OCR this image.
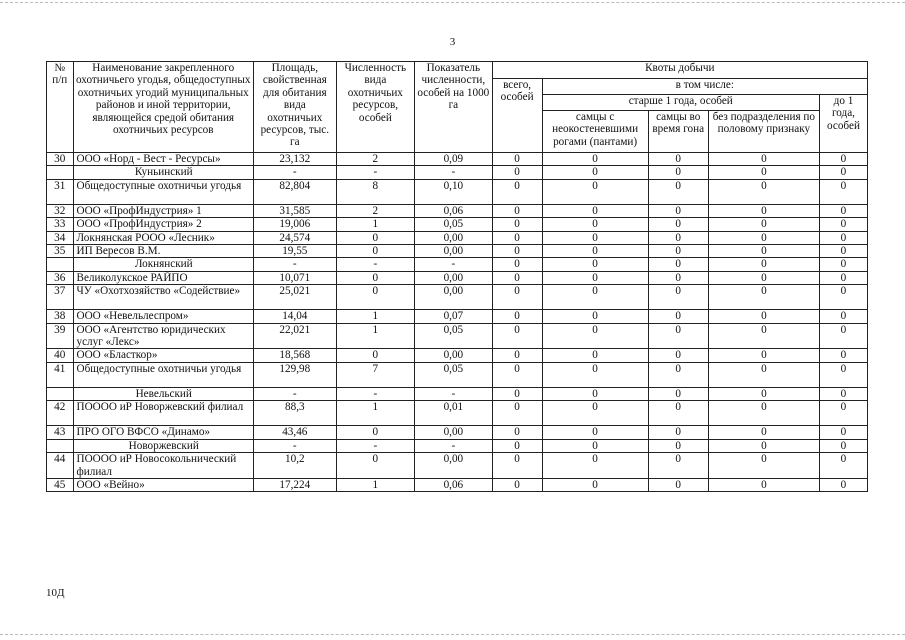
3
№ п/п	Наименование закрепленного охотничьего угодья, общедоступных охотничьих угодий муниципальных районов и иной территории, являющейся средой обитания охотничьих ресурсов	Площадь, свойственная для обитания вида охотничьих ресурсов, тыс. га	Численность вида охотничьих ресурсов, особей	Показатель численности, особей на 1000 га	Квоты добычи				
					всего, особей	в том числе:			
						старше 1 года, особей			до 1 года, особей
						самцы с неокостеневшими рогами (пантами)	самцы во время гона	без подразделения по половому признаку	
30	ООО «Норд - Вест - Ресурсы»	23,132	2	0,09	0	0	0	0	0
	Куньинский	-	-	-	0	0	0	0	0
31	Общедоступные охотничьи угодья	82,804	8	0,10	0	0	0	0	0
32	ООО «ПрофИндустрия» 1	31,585	2	0,06	0	0	0	0	0
33	ООО «ПрофИндустрия» 2	19,006	1	0,05	0	0	0	0	0
34	Локнянская РООО «Лесник»	24,574	0	0,00	0	0	0	0	0
35	ИП Вересов В.М.	19,55	0	0,00	0	0	0	0	0
	Локнянский	-	-	-	0	0	0	0	0
36	Великолукское РАЙПО	10,071	0	0,00	0	0	0	0	0
37	ЧУ «Охотхозяйство «Содействие»	25,021	0	0,00	0	0	0	0	0
38	ООО «Невельлеспром»	14,04	1	0,07	0	0	0	0	0
39	ООО «Агентство юридических услуг «Лекс»	22,021	1	0,05	0	0	0	0	0
40	ООО «Бласткор»	18,568	0	0,00	0	0	0	0	0
41	Общедоступные охотничьи угодья	129,98	7	0,05	0	0	0	0	0
	Невельский	-	-	-	0	0	0	0	0
42	ПОООО иР Новоржевский филиал	88,3	1	0,01	0	0	0	0	0
43	ПРО ОГО ВФСО «Динамо»	43,46	0	0,00	0	0	0	0	0
	Новоржевский	-	-	-	0	0	0	0	0
44	ПОООО иР Новосокольнический филиал	10,2	0	0,00	0	0	0	0	0
45	ООО «Вейно»	17,224	1	0,06	0	0	0	0	0
10Д
